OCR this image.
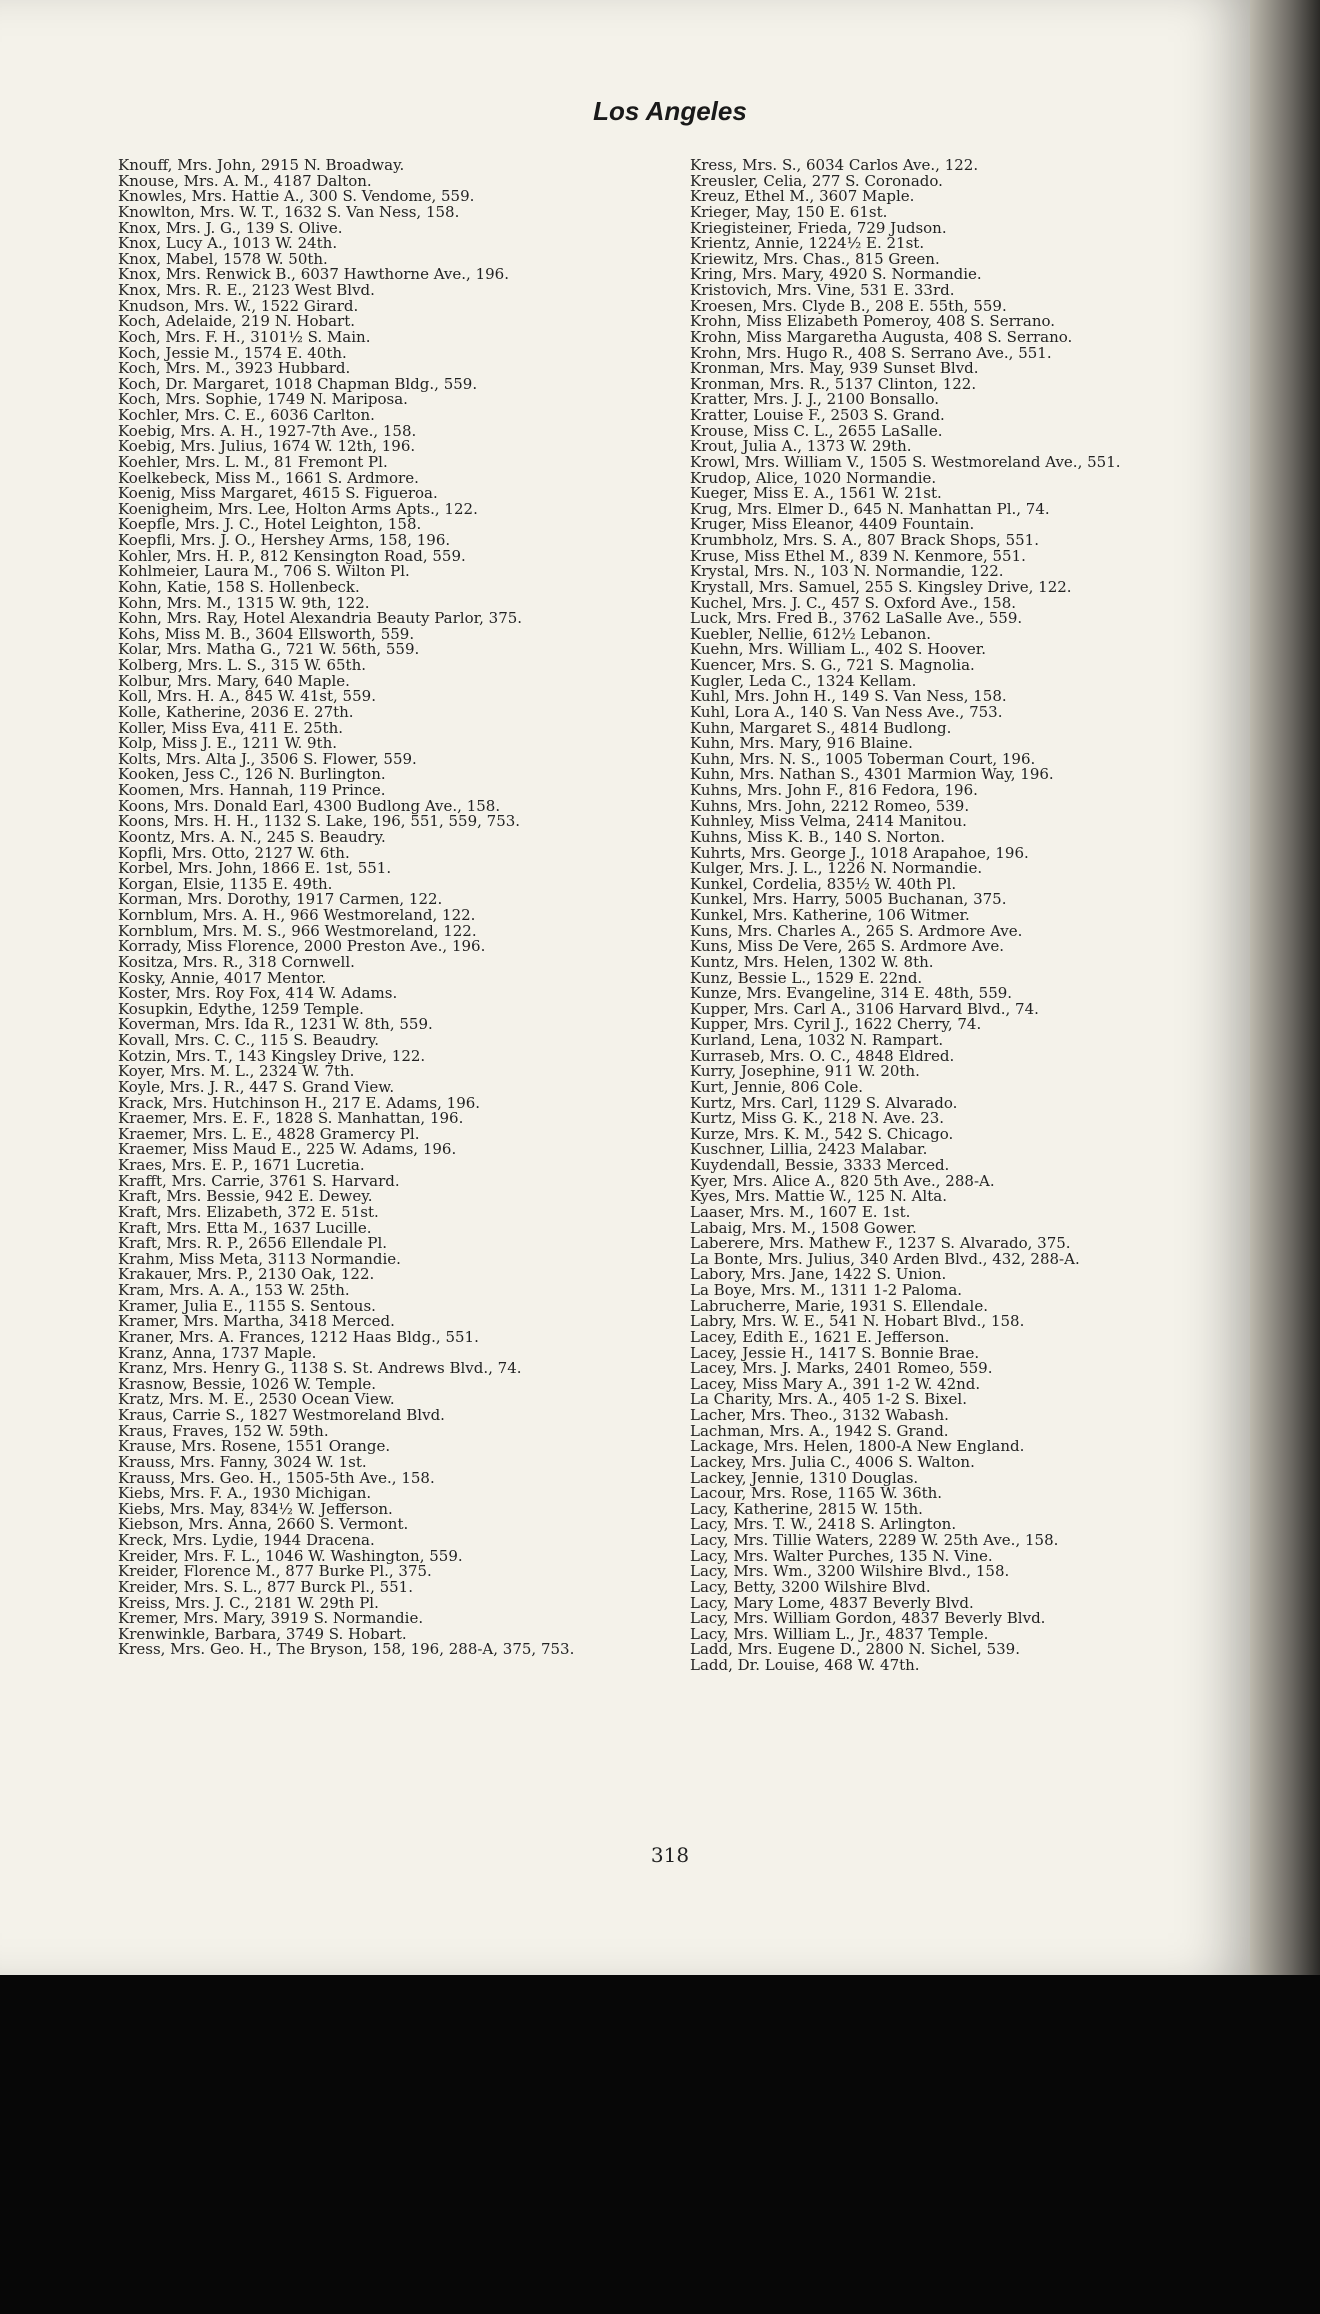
Los Angeles
Knouff, Mrs. John, 2915 N. Broadway.
Knouse, Mrs. A. M., 4187 Dalton.
Knowles, Mrs. Hattie A., 300 S. Vendome, 559.
Knowlton, Mrs. W. T., 1632 S. Van Ness, 158.
Knox, Mrs. J. G., 139 S. Olive.
Knox, Lucy A., 1013 W. 24th.
Knox, Mabel, 1578 W. 50th.
Knox, Mrs. Renwick B., 6037 Hawthorne Ave., 196.
Knox, Mrs. R. E., 2123 West Blvd.
Knudson, Mrs. W., 1522 Girard.
Koch, Adelaide, 219 N. Hobart.
Koch, Mrs. F. H., 3101½ S. Main.
Koch, Jessie M., 1574 E. 40th.
Koch, Mrs. M., 3923 Hubbard.
Koch, Dr. Margaret, 1018 Chapman Bldg., 559.
Koch, Mrs. Sophie, 1749 N. Mariposa.
Kochler, Mrs. C. E., 6036 Carlton.
Koebig, Mrs. A. H., 1927-7th Ave., 158.
Koebig, Mrs. Julius, 1674 W. 12th, 196.
Koehler, Mrs. L. M., 81 Fremont Pl.
Koelkebeck, Miss M., 1661 S. Ardmore.
Koenig, Miss Margaret, 4615 S. Figueroa.
Koenigheim, Mrs. Lee, Holton Arms Apts., 122.
Koepfle, Mrs. J. C., Hotel Leighton, 158.
Koepfli, Mrs. J. O., Hershey Arms, 158, 196.
Kohler, Mrs. H. P., 812 Kensington Road, 559.
Kohlmeier, Laura M., 706 S. Wilton Pl.
Kohn, Katie, 158 S. Hollenbeck.
Kohn, Mrs. M., 1315 W. 9th, 122.
Kohn, Mrs. Ray, Hotel Alexandria Beauty Parlor, 375.
Kohs, Miss M. B., 3604 Ellsworth, 559.
Kolar, Mrs. Matha G., 721 W. 56th, 559.
Kolberg, Mrs. L. S., 315 W. 65th.
Kolbur, Mrs. Mary, 640 Maple.
Koll, Mrs. H. A., 845 W. 41st, 559.
Kolle, Katherine, 2036 E. 27th.
Koller, Miss Eva, 411 E. 25th.
Kolp, Miss J. E., 1211 W. 9th.
Kolts, Mrs. Alta J., 3506 S. Flower, 559.
Kooken, Jess C., 126 N. Burlington.
Koomen, Mrs. Hannah, 119 Prince.
Koons, Mrs. Donald Earl, 4300 Budlong Ave., 158.
Koons, Mrs. H. H., 1132 S. Lake, 196, 551, 559, 753.
Koontz, Mrs. A. N., 245 S. Beaudry.
Kopfli, Mrs. Otto, 2127 W. 6th.
Korbel, Mrs. John, 1866 E. 1st, 551.
Korgan, Elsie, 1135 E. 49th.
Korman, Mrs. Dorothy, 1917 Carmen, 122.
Kornblum, Mrs. A. H., 966 Westmoreland, 122.
Kornblum, Mrs. M. S., 966 Westmoreland, 122.
Korrady, Miss Florence, 2000 Preston Ave., 196.
Kositza, Mrs. R., 318 Cornwell.
Kosky, Annie, 4017 Mentor.
Koster, Mrs. Roy Fox, 414 W. Adams.
Kosupkin, Edythe, 1259 Temple.
Koverman, Mrs. Ida R., 1231 W. 8th, 559.
Kovall, Mrs. C. C., 115 S. Beaudry.
Kotzin, Mrs. T., 143 Kingsley Drive, 122.
Koyer, Mrs. M. L., 2324 W. 7th.
Koyle, Mrs. J. R., 447 S. Grand View.
Krack, Mrs. Hutchinson H., 217 E. Adams, 196.
Kraemer, Mrs. E. F., 1828 S. Manhattan, 196.
Kraemer, Mrs. L. E., 4828 Gramercy Pl.
Kraemer, Miss Maud E., 225 W. Adams, 196.
Kraes, Mrs. E. P., 1671 Lucretia.
Krafft, Mrs. Carrie, 3761 S. Harvard.
Kraft, Mrs. Bessie, 942 E. Dewey.
Kraft, Mrs. Elizabeth, 372 E. 51st.
Kraft, Mrs. Etta M., 1637 Lucille.
Kraft, Mrs. R. P., 2656 Ellendale Pl.
Krahm, Miss Meta, 3113 Normandie.
Krakauer, Mrs. P., 2130 Oak, 122.
Kram, Mrs. A. A., 153 W. 25th.
Kramer, Julia E., 1155 S. Sentous.
Kramer, Mrs. Martha, 3418 Merced.
Kraner, Mrs. A. Frances, 1212 Haas Bldg., 551.
Kranz, Anna, 1737 Maple.
Kranz, Mrs. Henry G., 1138 S. St. Andrews Blvd., 74.
Krasnow, Bessie, 1026 W. Temple.
Kratz, Mrs. M. E., 2530 Ocean View.
Kraus, Carrie S., 1827 Westmoreland Blvd.
Kraus, Fraves, 152 W. 59th.
Krause, Mrs. Rosene, 1551 Orange.
Krauss, Mrs. Fanny, 3024 W. 1st.
Krauss, Mrs. Geo. H., 1505-5th Ave., 158.
Kiebs, Mrs. F. A., 1930 Michigan.
Kiebs, Mrs. May, 834½ W. Jefferson.
Kiebson, Mrs. Anna, 2660 S. Vermont.
Kreck, Mrs. Lydie, 1944 Dracena.
Kreider, Mrs. F. L., 1046 W. Washington, 559.
Kreider, Florence M., 877 Burke Pl., 375.
Kreider, Mrs. S. L., 877 Burck Pl., 551.
Kreiss, Mrs. J. C., 2181 W. 29th Pl.
Kremer, Mrs. Mary, 3919 S. Normandie.
Krenwinkle, Barbara, 3749 S. Hobart.
Kress, Mrs. Geo. H., The Bryson, 158, 196, 288-A, 375, 753.
Kress, Mrs. S., 6034 Carlos Ave., 122.
Kreusler, Celia, 277 S. Coronado.
Kreuz, Ethel M., 3607 Maple.
Krieger, May, 150 E. 61st.
Kriegisteiner, Frieda, 729 Judson.
Krientz, Annie, 1224½ E. 21st.
Kriewitz, Mrs. Chas., 815 Green.
Kring, Mrs. Mary, 4920 S. Normandie.
Kristovich, Mrs. Vine, 531 E. 33rd.
Kroesen, Mrs. Clyde B., 208 E. 55th, 559.
Krohn, Miss Elizabeth Pomeroy, 408 S. Serrano.
Krohn, Miss Margaretha Augusta, 408 S. Serrano.
Krohn, Mrs. Hugo R., 408 S. Serrano Ave., 551.
Kronman, Mrs. May, 939 Sunset Blvd.
Kronman, Mrs. R., 5137 Clinton, 122.
Kratter, Mrs. J. J., 2100 Bonsallo.
Kratter, Louise F., 2503 S. Grand.
Krouse, Miss C. L., 2655 LaSalle.
Krout, Julia A., 1373 W. 29th.
Krowl, Mrs. William V., 1505 S. Westmoreland Ave., 551.
Krudop, Alice, 1020 Normandie.
Kueger, Miss E. A., 1561 W. 21st.
Krug, Mrs. Elmer D., 645 N. Manhattan Pl., 74.
Kruger, Miss Eleanor, 4409 Fountain.
Krumbholz, Mrs. S. A., 807 Brack Shops, 551.
Kruse, Miss Ethel M., 839 N. Kenmore, 551.
Krystal, Mrs. N., 103 N. Normandie, 122.
Krystall, Mrs. Samuel, 255 S. Kingsley Drive, 122.
Kuchel, Mrs. J. C., 457 S. Oxford Ave., 158.
Luck, Mrs. Fred B., 3762 LaSalle Ave., 559.
Kuebler, Nellie, 612½ Lebanon.
Kuehn, Mrs. William L., 402 S. Hoover.
Kuencer, Mrs. S. G., 721 S. Magnolia.
Kugler, Leda C., 1324 Kellam.
Kuhl, Mrs. John H., 149 S. Van Ness, 158.
Kuhl, Lora A., 140 S. Van Ness Ave., 753.
Kuhn, Margaret S., 4814 Budlong.
Kuhn, Mrs. Mary, 916 Blaine.
Kuhn, Mrs. N. S., 1005 Toberman Court, 196.
Kuhn, Mrs. Nathan S., 4301 Marmion Way, 196.
Kuhns, Mrs. John F., 816 Fedora, 196.
Kuhns, Mrs. John, 2212 Romeo, 539.
Kuhnley, Miss Velma, 2414 Manitou.
Kuhns, Miss K. B., 140 S. Norton.
Kuhrts, Mrs. George J., 1018 Arapahoe, 196.
Kulger, Mrs. J. L., 1226 N. Normandie.
Kunkel, Cordelia, 835½ W. 40th Pl.
Kunkel, Mrs. Harry, 5005 Buchanan, 375.
Kunkel, Mrs. Katherine, 106 Witmer.
Kuns, Mrs. Charles A., 265 S. Ardmore Ave.
Kuns, Miss De Vere, 265 S. Ardmore Ave.
Kuntz, Mrs. Helen, 1302 W. 8th.
Kunz, Bessie L., 1529 E. 22nd.
Kunze, Mrs. Evangeline, 314 E. 48th, 559.
Kupper, Mrs. Carl A., 3106 Harvard Blvd., 74.
Kupper, Mrs. Cyril J., 1622 Cherry, 74.
Kurland, Lena, 1032 N. Rampart.
Kurraseb, Mrs. O. C., 4848 Eldred.
Kurry, Josephine, 911 W. 20th.
Kurt, Jennie, 806 Cole.
Kurtz, Mrs. Carl, 1129 S. Alvarado.
Kurtz, Miss G. K., 218 N. Ave. 23.
Kurze, Mrs. K. M., 542 S. Chicago.
Kuschner, Lillia, 2423 Malabar.
Kuydendall, Bessie, 3333 Merced.
Kyer, Mrs. Alice A., 820 5th Ave., 288-A.
Kyes, Mrs. Mattie W., 125 N. Alta.
Laaser, Mrs. M., 1607 E. 1st.
Labaig, Mrs. M., 1508 Gower.
Laberere, Mrs. Mathew F., 1237 S. Alvarado, 375.
La Bonte, Mrs. Julius, 340 Arden Blvd., 432, 288-A.
Labory, Mrs. Jane, 1422 S. Union.
La Boye, Mrs. M., 1311 1-2 Paloma.
Labrucherre, Marie, 1931 S. Ellendale.
Labry, Mrs. W. E., 541 N. Hobart Blvd., 158.
Lacey, Edith E., 1621 E. Jefferson.
Lacey, Jessie H., 1417 S. Bonnie Brae.
Lacey, Mrs. J. Marks, 2401 Romeo, 559.
Lacey, Miss Mary A., 391 1-2 W. 42nd.
La Charity, Mrs. A., 405 1-2 S. Bixel.
Lacher, Mrs. Theo., 3132 Wabash.
Lachman, Mrs. A., 1942 S. Grand.
Lackage, Mrs. Helen, 1800-A New England.
Lackey, Mrs. Julia C., 4006 S. Walton.
Lackey, Jennie, 1310 Douglas.
Lacour, Mrs. Rose, 1165 W. 36th.
Lacy, Katherine, 2815 W. 15th.
Lacy, Mrs. T. W., 2418 S. Arlington.
Lacy, Mrs. Tillie Waters, 2289 W. 25th Ave., 158.
Lacy, Mrs. Walter Purches, 135 N. Vine.
Lacy, Mrs. Wm., 3200 Wilshire Blvd., 158.
Lacy, Betty, 3200 Wilshire Blvd.
Lacy, Mary Lome, 4837 Beverly Blvd.
Lacy, Mrs. William Gordon, 4837 Beverly Blvd.
Lacy, Mrs. William L., Jr., 4837 Temple.
Ladd, Mrs. Eugene D., 2800 N. Sichel, 539.
Ladd, Dr. Louise, 468 W. 47th.
318
